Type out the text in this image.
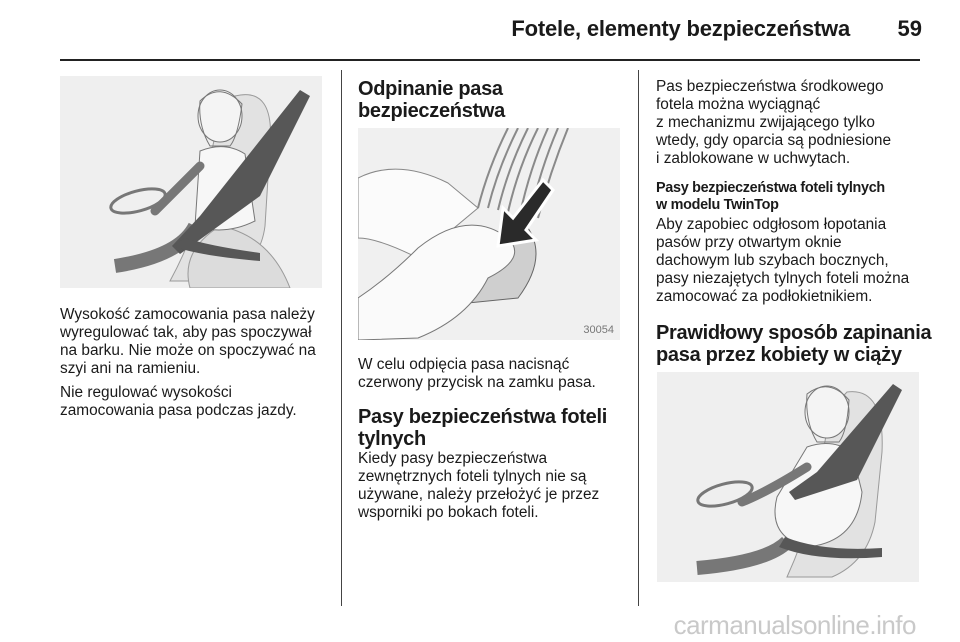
Fotele, elementy bezpieczeństwa	59

Wysokość zamocowania pasa należy
wyregulować tak, aby pas spoczywał
na barku. Nie może on spoczywać na
szyi ani na ramieniu.

Nie regulować wysokości
zamocowania pasa podczas jazdy.

Odpinanie pasa
bezpieczeństwa
30054

W celu odpięcia pasa nacisnąć
czerwony przycisk na zamku pasa.

Pasy bezpieczeństwa foteli
tylnych

Kiedy pasy bezpieczeństwa
zewnętrznych foteli tylnych nie są
używane, należy przełożyć je przez
wsporniki po bokach foteli.

Pas bezpieczeństwa środkowego
fotela można wyciągnąć
z mechanizmu zwijającego tylko
wtedy, gdy oparcia są podniesione
i zablokowane w uchwytach.

Pasy bezpieczeństwa foteli tylnych
w modelu TwinTop

Aby zapobiec odgłosom łopotania
pasów przy otwartym oknie
dachowym lub szybach bocznych,
pasy niezajętych tylnych foteli można
zamocować za podłokietnikiem.

Prawidłowy sposób zapinania
pasa przez kobiety w ciąży
carmanualsonline.info
